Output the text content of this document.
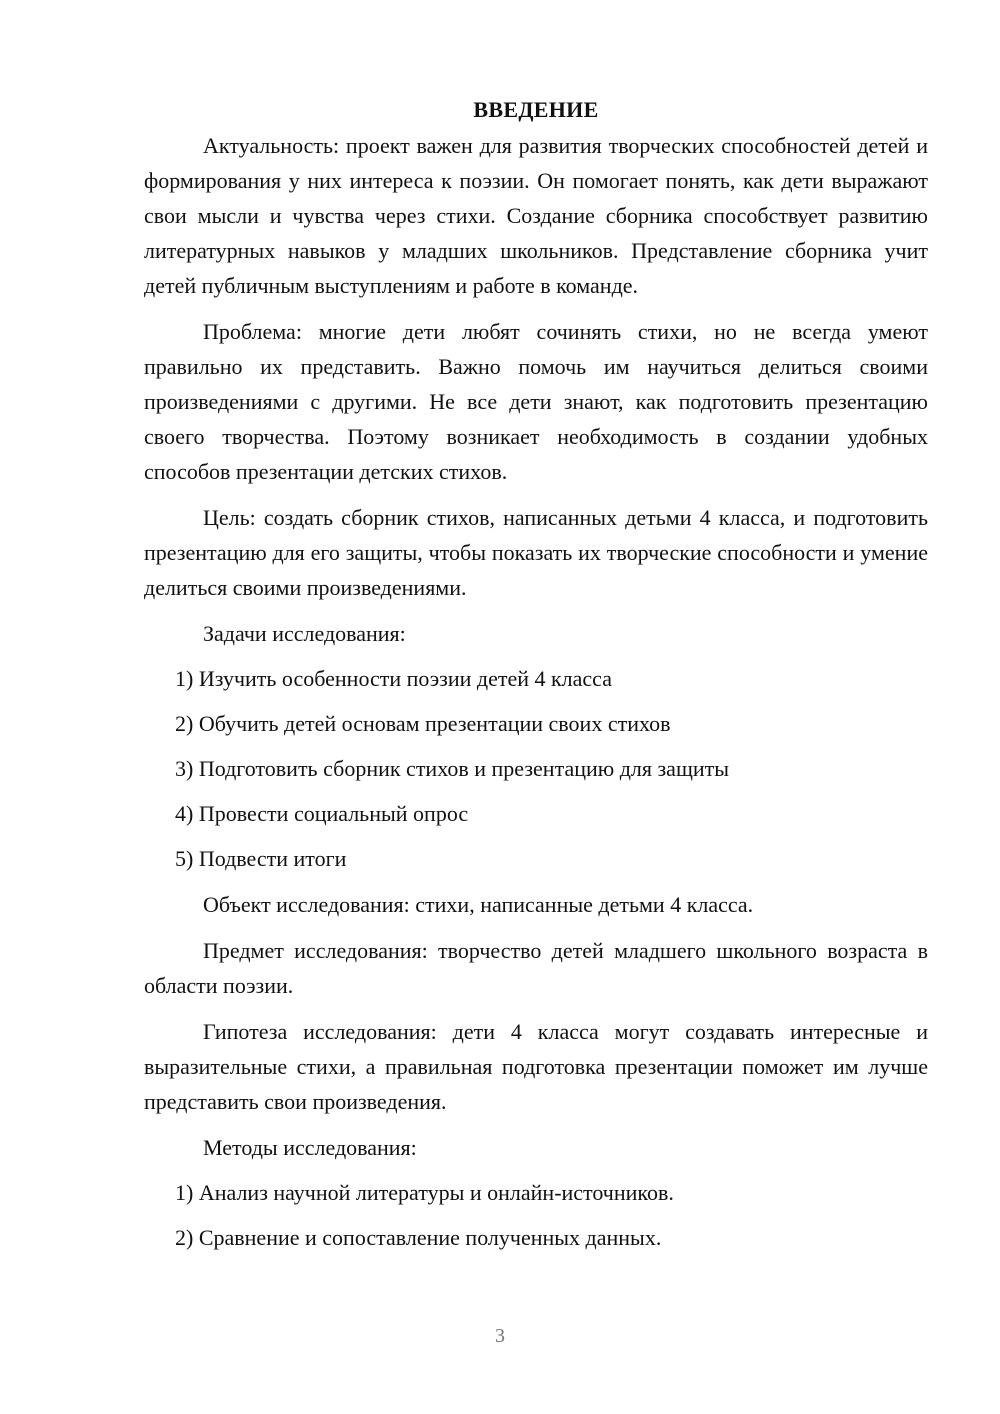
ВВЕДЕНИЕ

Актуальность: проект важен для развития творческих способностей детей и формирования у них интереса к поэзии. Он помогает понять, как дети выражают свои мысли и чувства через стихи. Создание сборника способствует развитию литературных навыков у младших школьников. Представление сборника учит детей публичным выступлениям и работе в команде.

Проблема: многие дети любят сочинять стихи, но не всегда умеют правильно их представить. Важно помочь им научиться делиться своими произведениями с другими. Не все дети знают, как подготовить презентацию своего творчества. Поэтому возникает необходимость в создании удобных способов презентации детских стихов.

Цель: создать сборник стихов, написанных детьми 4 класса, и подготовить презентацию для его защиты, чтобы показать их творческие способности и умение делиться своими произведениями.

Задачи исследования:

1) Изучить особенности поэзии детей 4 класса
2) Обучить детей основам презентации своих стихов
3) Подготовить сборник стихов и презентацию для защиты
4) Провести социальный опрос
5) Подвести итоги

Объект исследования: стихи, написанные детьми 4 класса.

Предмет исследования: творчество детей младшего школьного возраста в области поэзии.

Гипотеза исследования: дети 4 класса могут создавать интересные и выразительные стихи, а правильная подготовка презентации поможет им лучше представить свои произведения.

Методы исследования:

1) Анализ научной литературы и онлайн-источников.
2) Сравнение и сопоставление полученных данных.
3
